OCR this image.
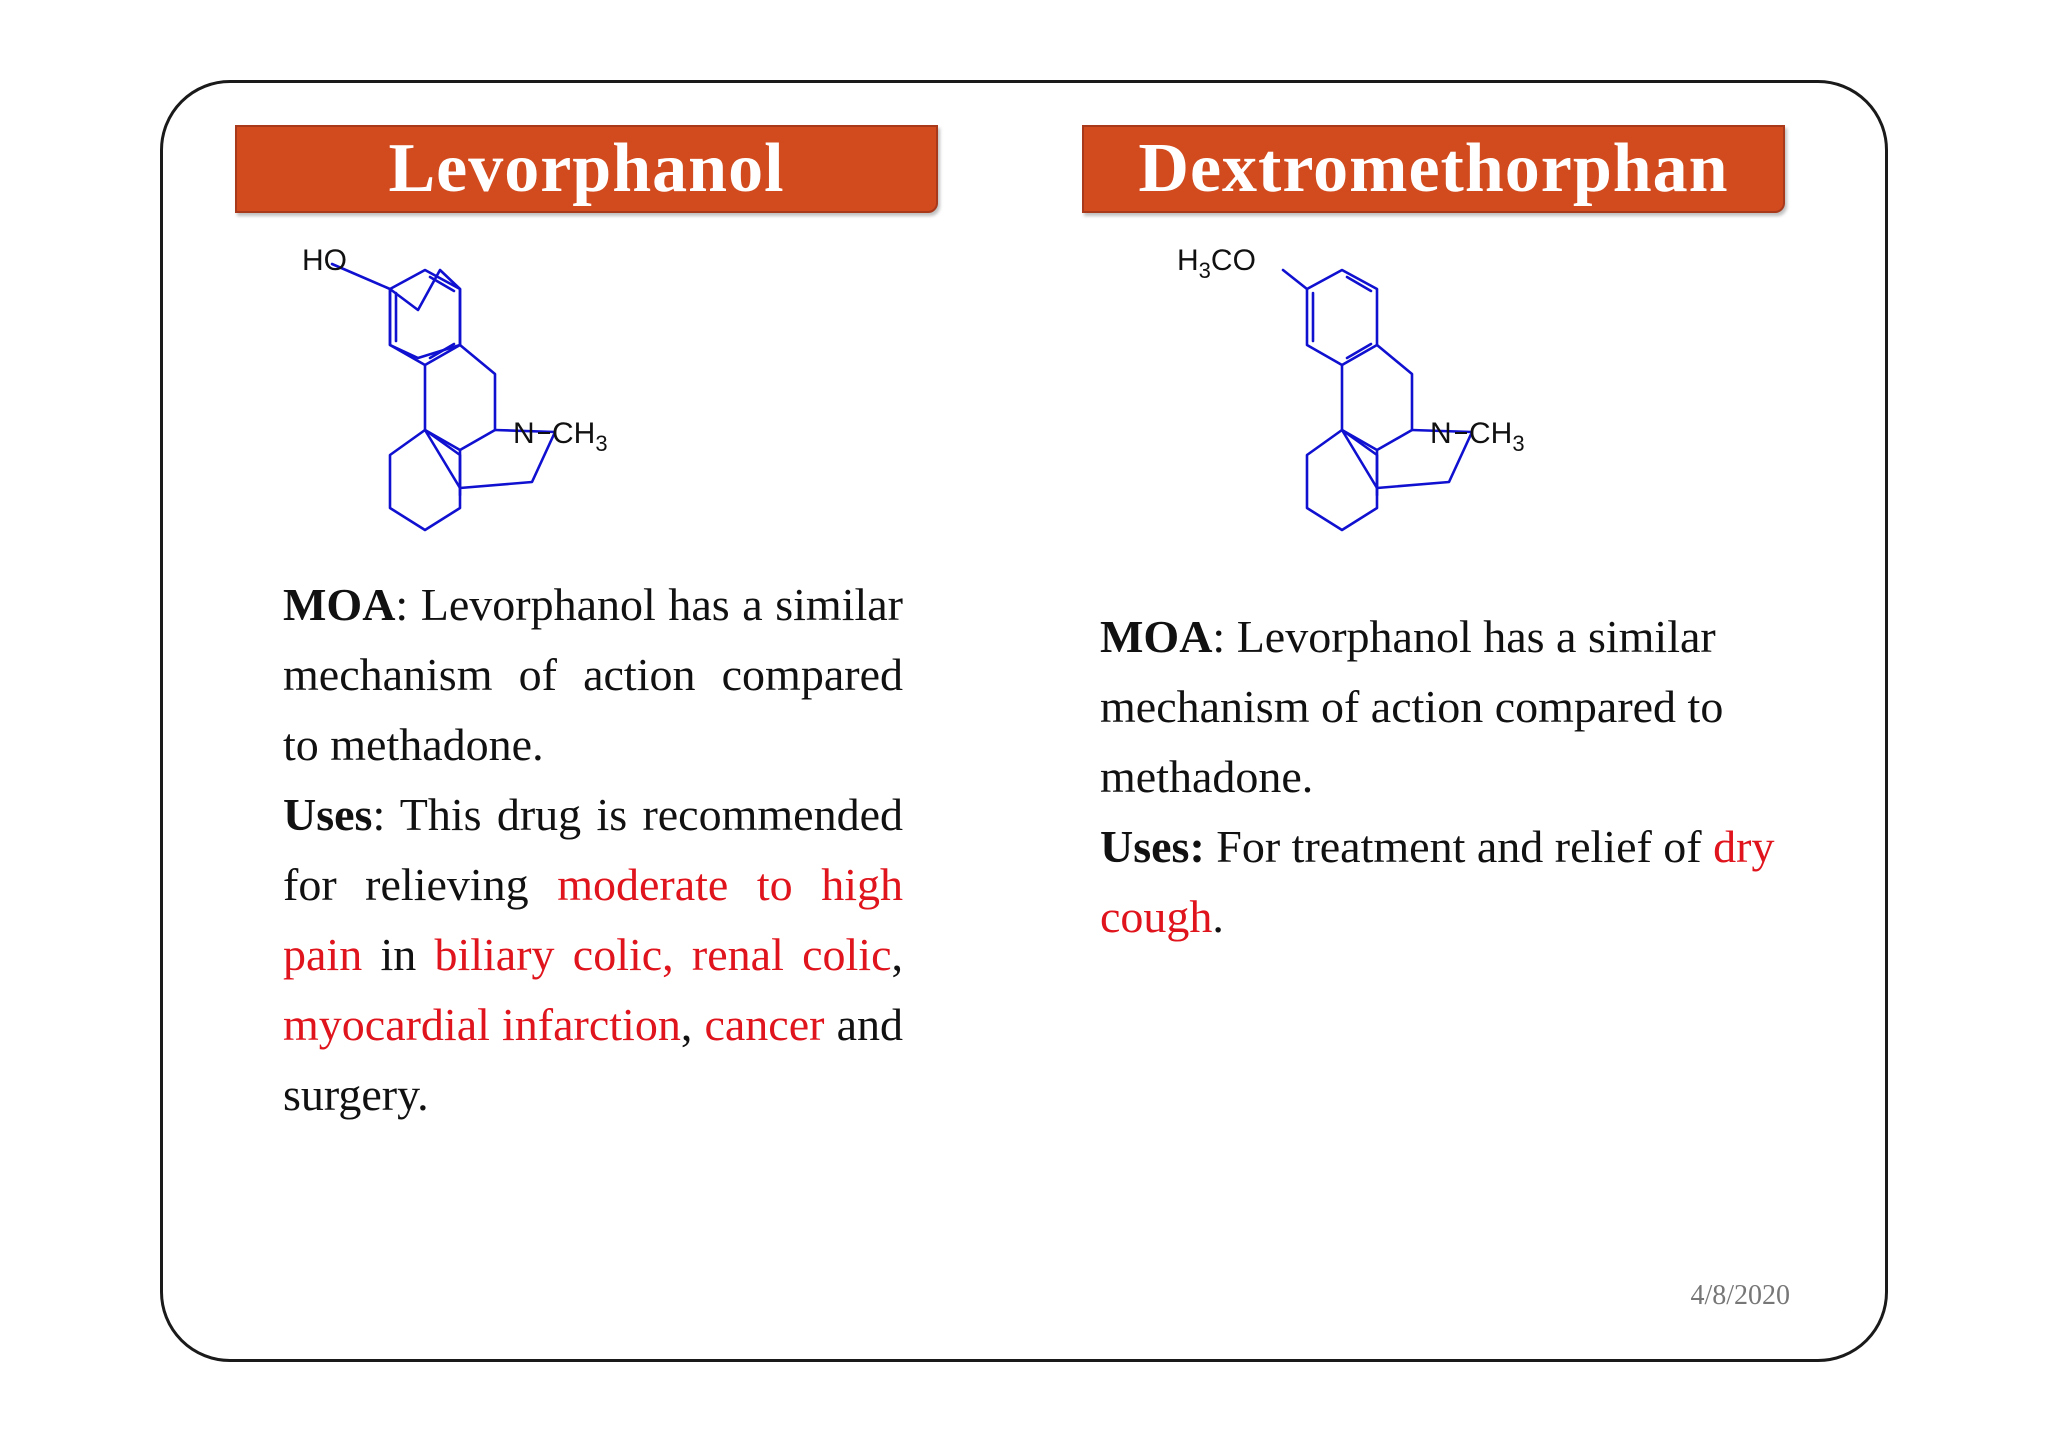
Levorphanol	Dextromethorphan
HO
N $CH_3$
$H_3CO$
N $CH_3$

MOA: Levorphanol has a similar mechanism of action compared to methadone.

Uses: This drug is recommended for relieving moderate to high pain in biliary colic, renal colic, myocardial infarction, cancer and surgery.

MOA: Levorphanol has a similar mechanism of action compared to methadone.

Uses: For treatment and relief of dry cough.

4/8/2020
